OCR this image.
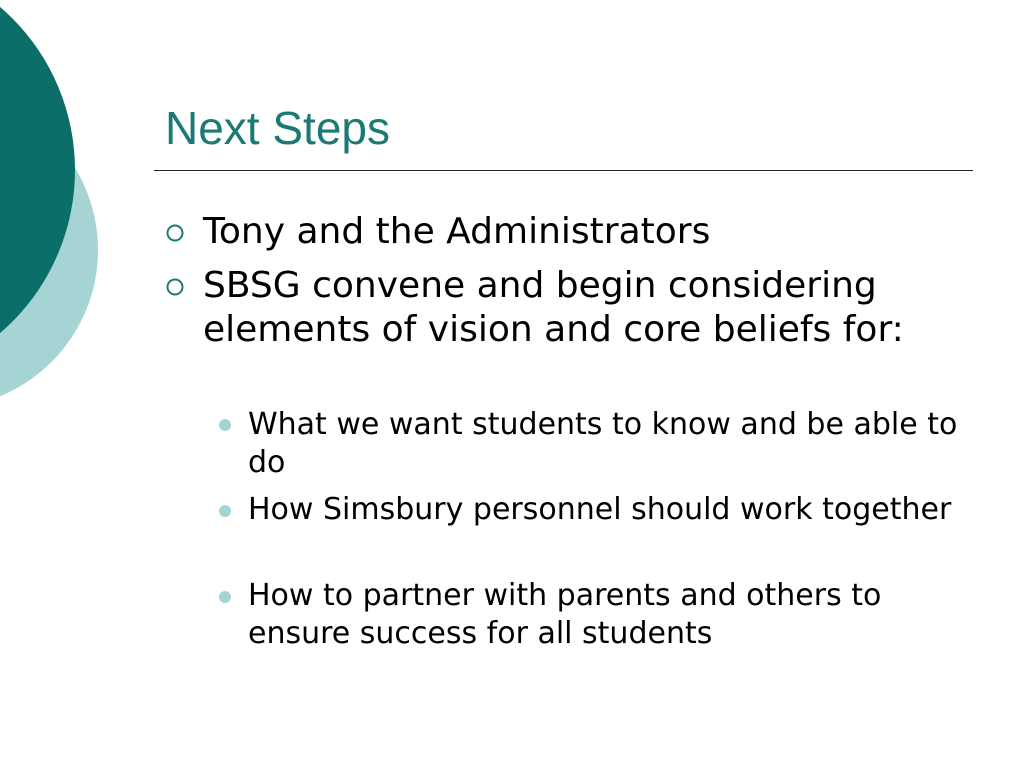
Next Steps
Tony and the Administrators
SBSG convene and begin considering elements of vision and core beliefs for:
What we want students to know and be able to do
How Simsbury personnel should work together
How to partner with parents and others to ensure success for all students
